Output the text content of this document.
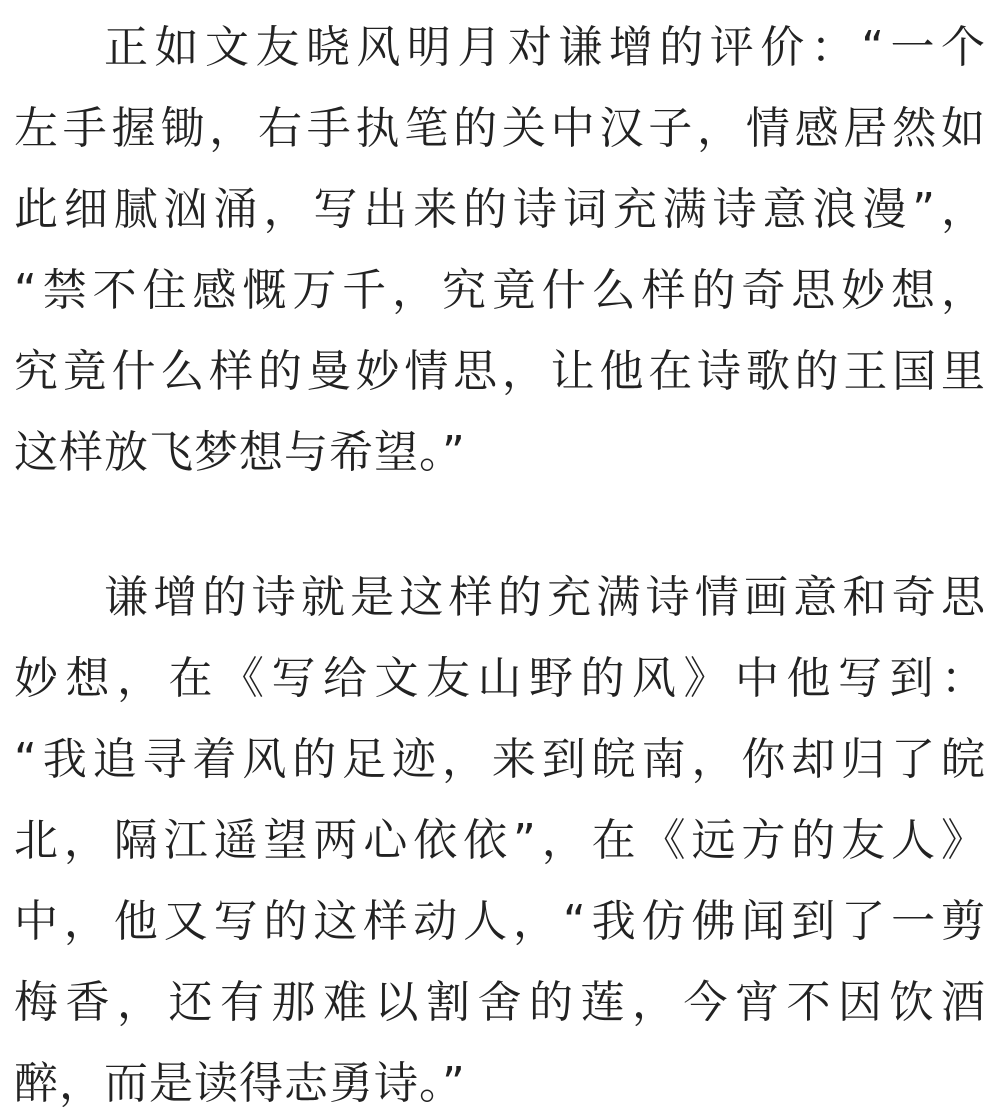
正如文友晓风明月对谦增的评价：“一个
左手握锄，右手执笔的关中汉子，情感居然如
此细腻汹涌，写出来的诗词充满诗意浪漫”，
“禁不住感慨万千，究竟什么样的奇思妙想，
究竟什么样的曼妙情思，让他在诗歌的王国里
这样放飞梦想与希望。”
谦增的诗就是这样的充满诗情画意和奇思
妙想，在《写给文友山野的风》中他写到：
“我追寻着风的足迹，来到皖南，你却归了皖
北，隔江遥望两心依依”，在《远方的友人》
中，他又写的这样动人，“我仿佛闻到了一剪
梅香，还有那难以割舍的莲，今宵不因饮酒
醉，而是读得志勇诗。”
